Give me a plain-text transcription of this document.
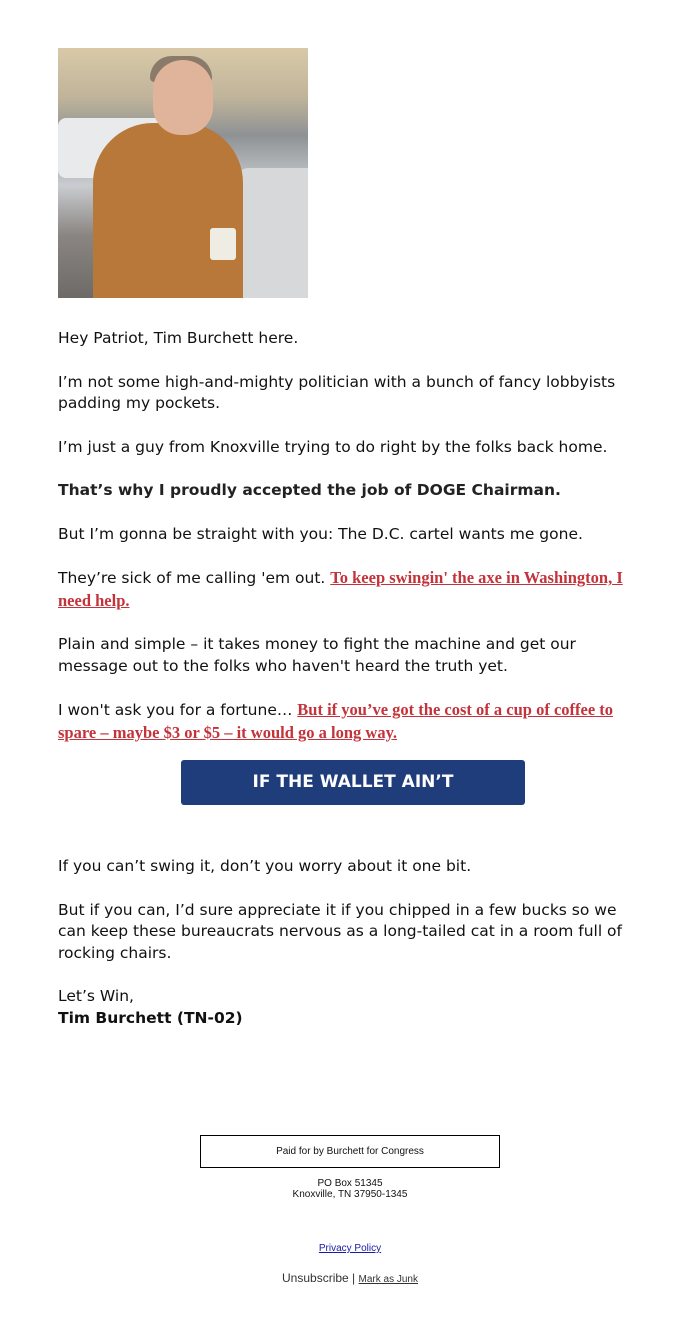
Hey Patriot, Tim Burchett here.

I’m not some high-and-mighty politician with a bunch of fancy lobbyists padding my pockets.

I’m just a guy from Knoxville trying to do right by the folks back home.

That’s why I proudly accepted the job of DOGE Chairman.

But I’m gonna be straight with you: The D.C. cartel wants me gone.

They’re sick of me calling 'em out. To keep swingin' the axe in Washington, I need help.

Plain and simple – it takes money to fight the machine and get our message out to the folks who haven't heard the truth yet.

I won't ask you for a fortune… But if you’ve got the cost of a cup of coffee to spare – maybe $3 or $5 – it would go a long way.

IF THE WALLET AIN’T HOLLERIN’

If you can’t swing it, don’t you worry about it one bit.

But if you can, I’d sure appreciate it if you chipped in a few bucks so we can keep these bureaucrats nervous as a long-tailed cat in a room full of rocking chairs.

Let’s Win,

Tim Burchett (TN-02)

Paid for by Burchett for Congress
PO Box 51345
Knoxville, TN 37950-1345
Privacy Policy
Unsubscribe | Mark as Junk
